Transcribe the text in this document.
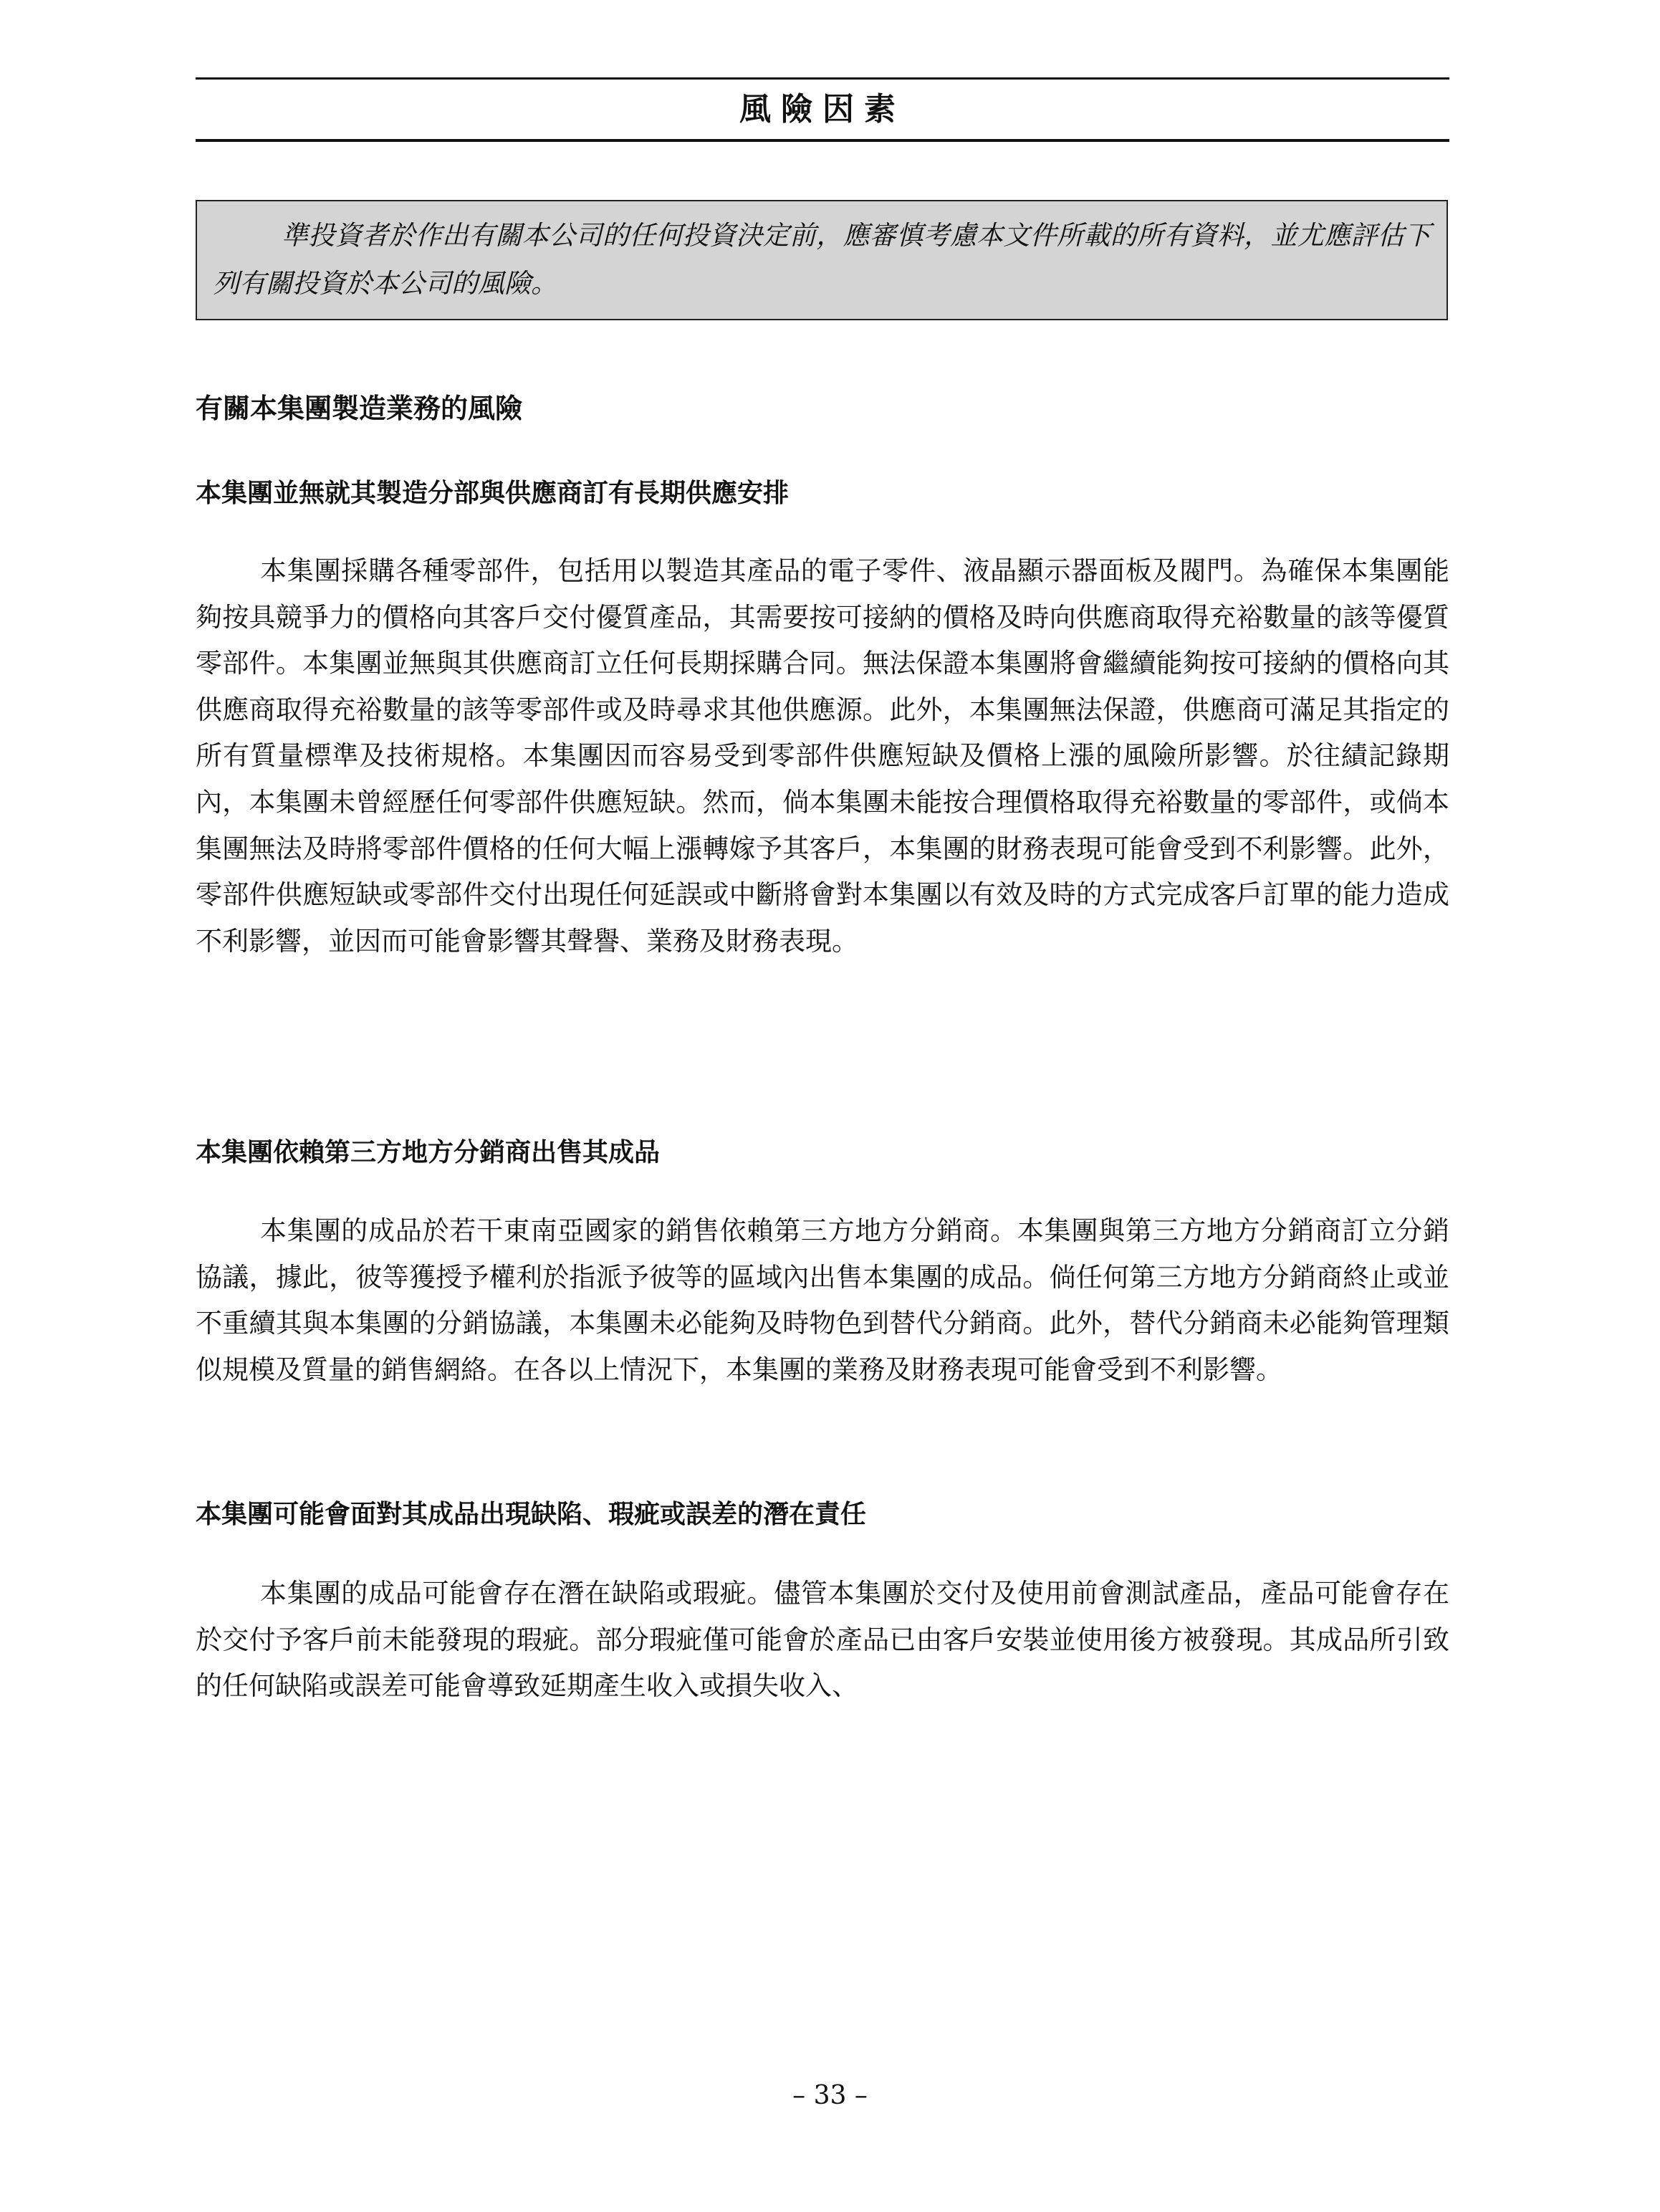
風險因素

準投資者於作出有關本公司的任何投資決定前，應審慎考慮本文件所載的所有資料，並尤應評估下列有關投資於本公司的風險。

有關本集團製造業務的風險
本集團並無就其製造分部與供應商訂有長期供應安排

本集團採購各種零部件，包括用以製造其產品的電子零件、液晶顯示器面板及閥門。為確保本集團能夠按具競爭力的價格向其客戶交付優質產品，其需要按可接納的價格及時向供應商取得充裕數量的該等優質零部件。本集團並無與其供應商訂立任何長期採購合同。無法保證本集團將會繼續能夠按可接納的價格向其供應商取得充裕數量的該等零部件或及時尋求其他供應源。此外，本集團無法保證，供應商可滿足其指定的所有質量標準及技術規格。本集團因而容易受到零部件供應短缺及價格上漲的風險所影響。於往績記錄期內，本集團未曾經歷任何零部件供應短缺。然而，倘本集團未能按合理價格取得充裕數量的零部件，或倘本集團無法及時將零部件價格的任何大幅上漲轉嫁予其客戶，本集團的財務表現可能會受到不利影響。此外，零部件供應短缺或零部件交付出現任何延誤或中斷將會對本集團以有效及時的方式完成客戶訂單的能力造成不利影響，並因而可能會影響其聲譽、業務及財務表現。

本集團依賴第三方地方分銷商出售其成品

本集團的成品於若干東南亞國家的銷售依賴第三方地方分銷商。本集團與第三方地方分銷商訂立分銷協議，據此，彼等獲授予權利於指派予彼等的區域內出售本集團的成品。倘任何第三方地方分銷商終止或並不重續其與本集團的分銷協議，本集團未必能夠及時物色到替代分銷商。此外，替代分銷商未必能夠管理類似規模及質量的銷售網絡。在各以上情況下，本集團的業務及財務表現可能會受到不利影響。

本集團可能會面對其成品出現缺陷、瑕疵或誤差的潛在責任

本集團的成品可能會存在潛在缺陷或瑕疵。儘管本集團於交付及使用前會測試產品，產品可能會存在於交付予客戶前未能發現的瑕疵。部分瑕疵僅可能會於產品已由客戶安裝並使用後方被發現。其成品所引致的任何缺陷或誤差可能會導致延期產生收入或損失收入、

– 33 –
